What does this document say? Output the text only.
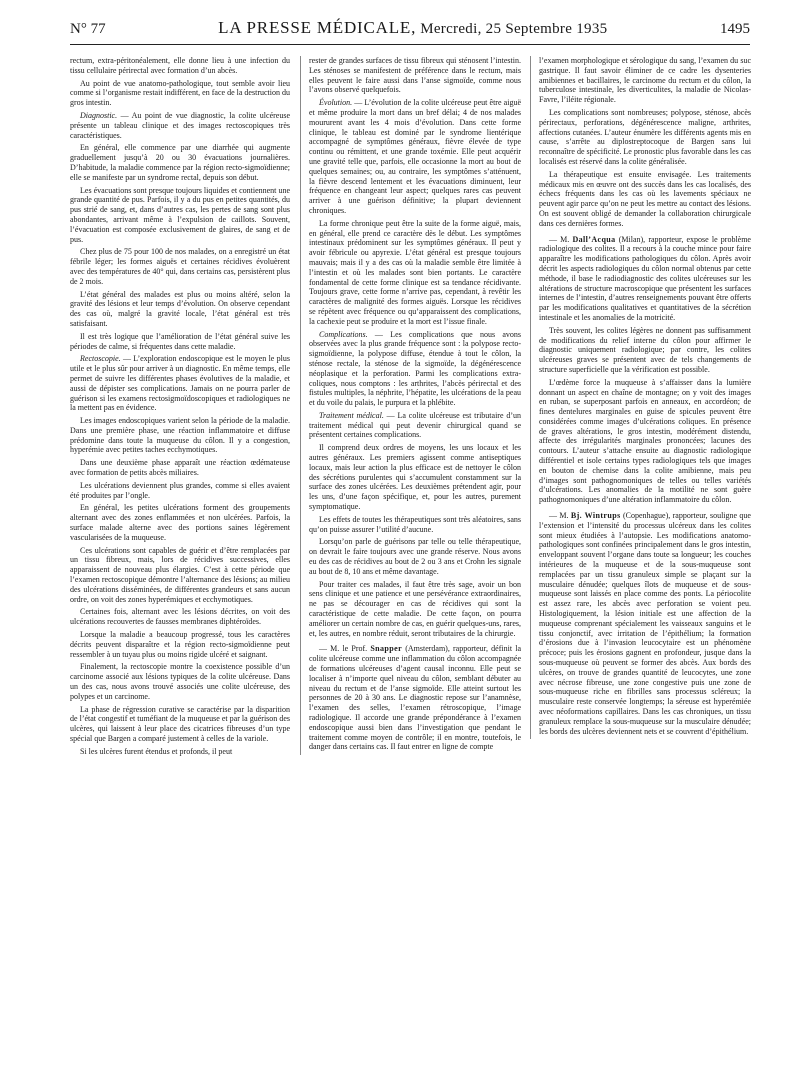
N° 77	LA PRESSE MÉDICALE, Mercredi, 25 Septembre 1935	1495

rectum, extra-péritonéalement, elle donne lieu à une infection du tissu cellulaire périrectal avec formation d’un abcès.

Au point de vue anatomo-pathologique, tout semble avoir lieu comme si l’organisme restait indifférent, en face de la destruction du gros intestin.

Diagnostic. — Au point de vue diagnostic, la colite ulcéreuse présente un tableau clinique et des images rectoscopiques très caractéristiques.

En général, elle commence par une diarrhée qui augmente graduellement jusqu’à 20 ou 30 évacuations journalières. D’habitude, la maladie commence par la région recto-sigmoïdienne; elle se manifeste par un syndrome rectal, depuis son début.

Les évacuations sont presque toujours liquides et contiennent une grande quantité de pus. Parfois, il y a du pus en petites quantités, du pus strié de sang, et, dans d’autres cas, les pertes de sang sont plus abondantes, arrivant même à l’expulsion de caillots. Souvent, l’évacuation est composée exclusivement de glaires, de sang et de pus.

Chez plus de 75 pour 100 de nos malades, on a enregistré un état fébrile léger; les formes aiguës et certaines récidives évoluèrent avec des températures de 40° qui, dans certains cas, persistèrent plus de 2 mois.

L’état général des malades est plus ou moins altéré, selon la gravité des lésions et leur temps d’évolution. On observe cependant des cas où, malgré la gravité locale, l’état général est très satisfaisant.

Il est très logique que l’amélioration de l’état général suive les périodes de calme, si fréquentes dans cette maladie.

Rectoscopie. — L’exploration endoscopique est le moyen le plus utile et le plus sûr pour arriver à un diagnostic. En même temps, elle permet de suivre les différentes phases évolutives de la maladie, et aussi de dépister ses complications. Jamais on ne pourra parler de guérison si les examens rectosigmoïdoscopiques et radiologiques ne la mettent pas en évidence.

Les images endoscopiques varient selon la période de la maladie. Dans une première phase, une réaction inflammatoire et diffuse prédomine dans toute la muqueuse du côlon. Il y a congestion, hyperémie avec petites taches ecchymotiques.

Dans une deuxième phase apparaît une réaction œdémateuse avec formation de petits abcès miliaires.

Les ulcérations deviennent plus grandes, comme si elles avaient été produites par l’ongle.

En général, les petites ulcérations forment des groupements alternant avec des zones enflammées et non ulcérées. Parfois, la surface malade alterne avec des portions saines légèrement vascularisées de la muqueuse.

Ces ulcérations sont capables de guérir et d’être remplacées par un tissu fibreux, mais, lors de récidives successives, elles apparaissent de nouveau plus élargies. C’est à cette période que l’examen rectoscopique démontre l’alternance des lésions; au milieu des ulcérations disséminées, de différentes grandeurs et sans aucun ordre, on voit des zones hyperémiques et ecchymotiques.

Certaines fois, alternant avec les lésions décrites, on voit des ulcérations recouvertes de fausses membranes diphtéroïdes.

Lorsque la maladie a beaucoup progressé, tous les caractères décrits peuvent disparaître et la région recto-sigmoïdienne peut ressembler à un tuyau plus ou moins rigide ulcéré et saignant.

Finalement, la rectoscopie montre la coexistence possible d’un carcinome associé aux lésions typiques de la colite ulcéreuse. Dans un des cas, nous avons trouvé associés une colite ulcéreuse, des polypes et un carcinome.

La phase de régression curative se caractérise par la disparition de l’état congestif et tuméfiant de la muqueuse et par la guérison des ulcères, qui laissent à leur place des cicatrices fibreuses d’un type spécial que Bargen a comparé justement à celles de la variole.

Si les ulcères furent étendus et profonds, il peut

rester de grandes surfaces de tissu fibreux qui sténosent l’intestin. Les sténoses se manifestent de préférence dans le rectum, mais elles peuvent le faire aussi dans l’anse sigmoïde, comme nous l’avons observé quelquefois.

Évolution. — L’évolution de la colite ulcéreuse peut être aiguë et même produire la mort dans un bref délai; 4 de nos malades moururent avant les 4 mois d’évolution. Dans cette forme clinique, le tableau est dominé par le syndrome lientérique accompagné de symptômes généraux, fièvre élevée de type continu ou rémittent, et une grande toxémie. Elle peut acquérir une gravité telle que, parfois, elle occasionne la mort au bout de quelques semaines; ou, au contraire, les symptômes s’atténuent, la fièvre descend lentement et les évacuations diminuent, leur fréquence en changeant leur aspect; quelques rares cas peuvent arriver à une guérison définitive; la plupart deviennent chroniques.

La forme chronique peut être la suite de la forme aiguë, mais, en général, elle prend ce caractère dès le début. Les symptômes intestinaux prédominent sur les symptômes généraux. Il peut y avoir fébricule ou apyrexie. L’état général est presque toujours mauvais; mais il y a des cas où la maladie semble être limitée à l’intestin et où les malades sont bien portants. Le caractère fondamental de cette forme clinique est sa tendance récidivante. Toujours grave, cette forme n’arrive pas, cependant, à revêtir les caractères de malignité des formes aiguës. Lorsque les récidives se répètent avec fréquence ou qu’apparaissent des complications, la cachexie peut se produire et la mort est l’issue finale.

Complications. — Les complications que nous avons observées avec la plus grande fréquence sont : la polypose recto-sigmoïdienne, la polypose diffuse, étendue à tout le côlon, la sténose rectale, la sténose de la sigmoïde, la dégénérescence néoplasique et la perforation. Parmi les complications extra-coliques, nous comptons : les arthrites, l’abcès périrectal et des fistules multiples, la néphrite, l’hépatite, les ulcérations de la peau et du voile du palais, le purpura et la phlébite.

Traitement médical. — La colite ulcéreuse est tributaire d’un traitement médical qui peut devenir chirurgical quand se présentent certaines complications.

Il comprend deux ordres de moyens, les uns locaux et les autres généraux. Les premiers agissent comme antiseptiques locaux, mais leur action la plus efficace est de nettoyer le côlon des sécrétions purulentes qui s’accumulent constamment sur la surface des zones ulcérées. Les deuxièmes prétendent agir, pour les uns, d’une façon spécifique, et, pour les autres, purement symptomatique.

Les effets de toutes les thérapeutiques sont très aléatoires, sans qu’on puisse assurer l’utilité d’aucune.

Lorsqu’on parle de guérisons par telle ou telle thérapeutique, on devrait le faire toujours avec une grande réserve. Nous avons eu des cas de récidives au bout de 2 ou 3 ans et Crohn les signale au bout de 8, 10 ans et même davantage.

Pour traiter ces malades, il faut être très sage, avoir un bon sens clinique et une patience et une persévérance extraordinaires, ne pas se décourager en cas de récidives qui sont la caractéristique de cette maladie. De cette façon, on pourra améliorer un certain nombre de cas, en guérir quelques-uns, rares, et, les autres, en nombre réduit, seront tributaires de la chirurgie.

— M. le Prof. Snapper (Amsterdam), rapporteur, définit la colite ulcéreuse comme une inflammation du côlon accompagnée de formations ulcéreuses d’agent causal inconnu. Elle peut se localiser à n’importe quel niveau du côlon, semblant débuter au niveau du rectum et de l’anse sigmoïde. Elle atteint surtout les personnes de 20 à 30 ans. Le diagnostic repose sur l’anamnèse, l’examen des selles, l’examen rétroscopique, l’image radiologique. Il accorde une grande prépondérance à l’examen endoscopique aussi bien dans l’investigation que pendant le traitement comme moyen de contrôle; il en montre, toutefois, le danger dans certains cas. Il faut entrer en ligne de compte

l’examen morphologique et sérologique du sang, l’examen du suc gastrique. Il faut savoir éliminer de ce cadre les dysenteries amibiennes et bacillaires, le carcinome du rectum et du côlon, la tuberculose intestinale, les diverticulites, la maladie de Nicolas-Favre, l’iléite régionale.

Les complications sont nombreuses; polypose, sténose, abcès périrectaux, perforations, dégénérescence maligne, arthrites, affections cutanées. L’auteur énumère les différents agents mis en cause, s’arrête au diplostreptocoque de Bargen sans lui reconnaître de spécificité. Le pronostic plus favorable dans les cas localisés est réservé dans la colite généralisée.

La thérapeutique est ensuite envisagée. Les traitements médicaux mis en œuvre ont des succès dans les cas localisés, des échecs fréquents dans les cas où les lavements spéciaux ne peuvent agir parce qu’on ne peut les mettre au contact des lésions. On est souvent obligé de demander la collaboration chirurgicale dans ces dernières formes.

— M. Dall’Acqua (Milan), rapporteur, expose le problème radiologique des colites. Il a recours à la couche mince pour faire apparaître les modifications pathologiques du côlon. Après avoir décrit les aspects radiologiques du côlon normal obtenus par cette méthode, il base le radiodiagnostic des colites ulcéreuses sur les altérations de structure macroscopique que présentent les surfaces internes de l’intestin, d’autres renseignements pouvant être offerts par les modifications qualitatives et quantitatives de la sécrétion intestinale et les anomalies de la motricité.

Très souvent, les colites légères ne donnent pas suffisamment de modifications du relief interne du côlon pour affirmer le diagnostic uniquement radiologique; par contre, les colites ulcéreuses graves se présentent avec de tels changements de structure superficielle que la vérification est possible.

L’œdème force la muqueuse à s’affaisser dans la lumière donnant un aspect en chaîne de montagne; on y voit des images en ruban, se superposant parfois en anneaux, en accordéon; de fines dentelures marginales en guise de spicules peuvent être considérées comme images d’ulcérations coliques. En présence de graves altérations, le gros intestin, modérément distendu, affecte des irrégularités marginales prononcées; lacunes des contours. L’auteur s’attache ensuite au diagnostic radiologique différentiel et isole certains types radiologiques tels que images en bouton de chemise dans la colite amibienne, mais peu d’images sont pathognomoniques de telles ou telles variétés d’ulcérations. Les anomalies de la motilité ne sont guère pathognomoniques d’une altération inflammatoire du côlon.

— M. Bj. Wintrups (Copenhague), rapporteur, souligne que l’extension et l’intensité du processus ulcéreux dans les colites sont mieux étudiées à l’autopsie. Les modifications anatomo-pathologiques sont confinées principalement dans le gros intestin, enveloppant souvent l’organe dans toute sa longueur; les couches intérieures de la muqueuse et de la sous-muqueuse sont remplacées par un tissu granuleux simple se plaçant sur la musculaire dénudée; quelques îlots de muqueuse et de sous-muqueuse sont laissés en place comme des ponts. La périocolite est assez rare, les abcès avec perforation se voient peu. Histologiquement, la lésion initiale est une affection de la muqueuse comprenant spécialement les vaisseaux sanguins et le tissu conjonctif, avec irritation de l’épithélium; la formation d’érosions due à l’invasion leucocytaire est un phénomène précoce; puis les érosions gagnent en profondeur, jusque dans la sous-muqueuse où peuvent se former des abcès. Aux bords des ulcères, on trouve de grandes quantité de leucocytes, une zone avec nécrose fibreuse, une zone congestive puis une zone de sous-muqueuse riche en fibrilles sans processus scléreux; la musculaire reste conservée longtemps; la séreuse est hyperémiée avec néoformations capillaires. Dans les cas chroniques, un tissu granuleux remplace la sous-muqueuse sur la musculaire dénudée; les bords des ulcères deviennent nets et se couvrent d’épithélium.
